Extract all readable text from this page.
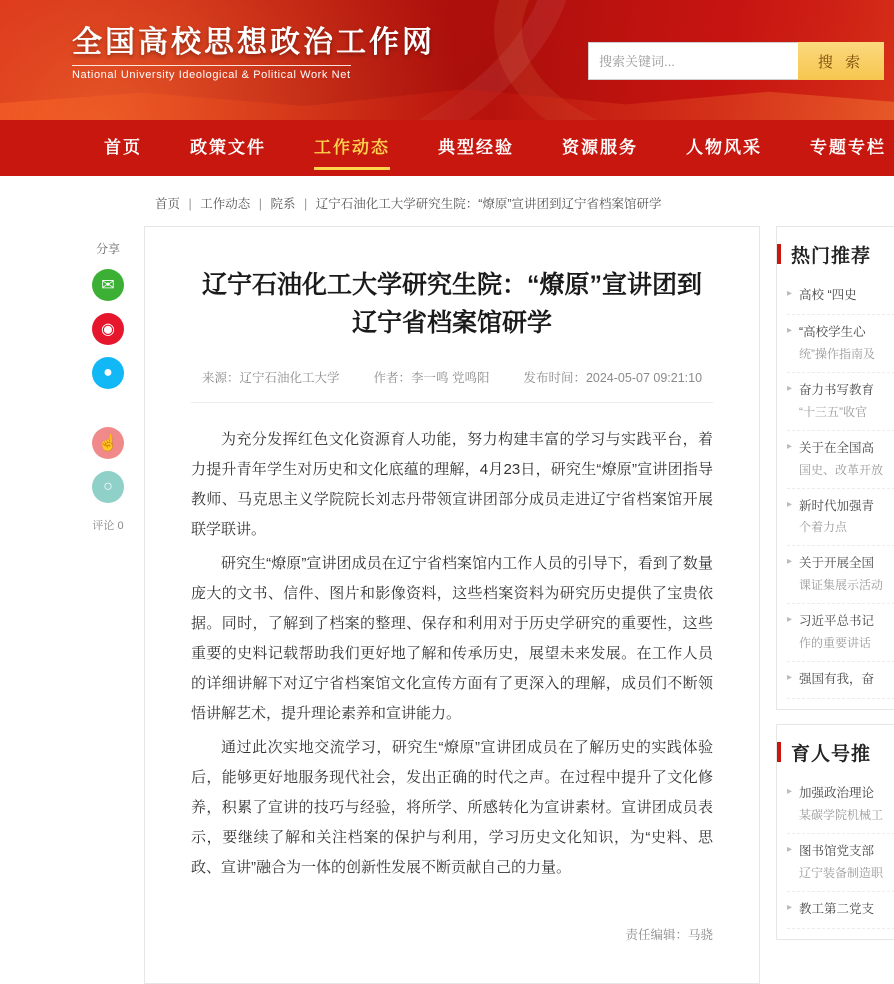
全国高校思想政治工作网
National University Ideological & Political Work Net
搜索关键词...
搜 索
首页	政策文件	工作动态	典型经验	资源服务	人物风采	专题专栏
首页 | 工作动态 | 院系 | 辽宁石油化工大学研究生院：“燎原”宣讲团到辽宁省档案馆研学
分享
✉
◉
●
☝
○
评论 0
辽宁石油化工大学研究生院：“燎原”宣讲团到辽宁省档案馆研学
来源：辽宁石油化工大学	作者：李一鸣 党鸣阳	发布时间：2024-05-07 09:21:10

为充分发挥红色文化资源育人功能，努力构建丰富的学习与实践平台，着力提升青年学生对历史和文化底蕴的理解，4月23日，研究生“燎原”宣讲团指导教师、马克思主义学院院长刘志丹带领宣讲团部分成员走进辽宁省档案馆开展联学联讲。

研究生“燎原”宣讲团成员在辽宁省档案馆内工作人员的引导下，看到了数量庞大的文书、信件、图片和影像资料，这些档案资料为研究历史提供了宝贵依据。同时，了解到了档案的整理、保存和利用对于历史学研究的重要性，这些重要的史料记载帮助我们更好地了解和传承历史，展望未来发展。在工作人员的详细讲解下对辽宁省档案馆文化宣传方面有了更深入的理解，成员们不断领悟讲解艺术，提升理论素养和宣讲能力。

通过此次实地交流学习，研究生“燎原”宣讲团成员在了解历史的实践体验后，能够更好地服务现代社会，发出正确的时代之声。在过程中提升了文化修养，积累了宣讲的技巧与经验，将所学、所感转化为宣讲素材。宣讲团成员表示，要继续了解和关注档案的保护与利用，学习历史文化知识，为“史料、思政、宣讲”融合为一体的创新性发展不断贡献自己的力量。

责任编辑：马骁
热门推荐
▸ 高校 “四史
▸ “高校学生心
统”操作指南及
▸ 奋力书写教育
“十三五”收官
▸ 关于在全国高
国史、改革开放
▸ 新时代加强青
个着力点
▸ 关于开展全国
课证集展示活动
▸ 习近平总书记
作的重要讲话
▸ 强国有我，奋
育人号推
▸ 加强政治理论
某碳学院机械工
▸ 图书馆党支部
辽宁装备制造职
▸ 教工第二党支
